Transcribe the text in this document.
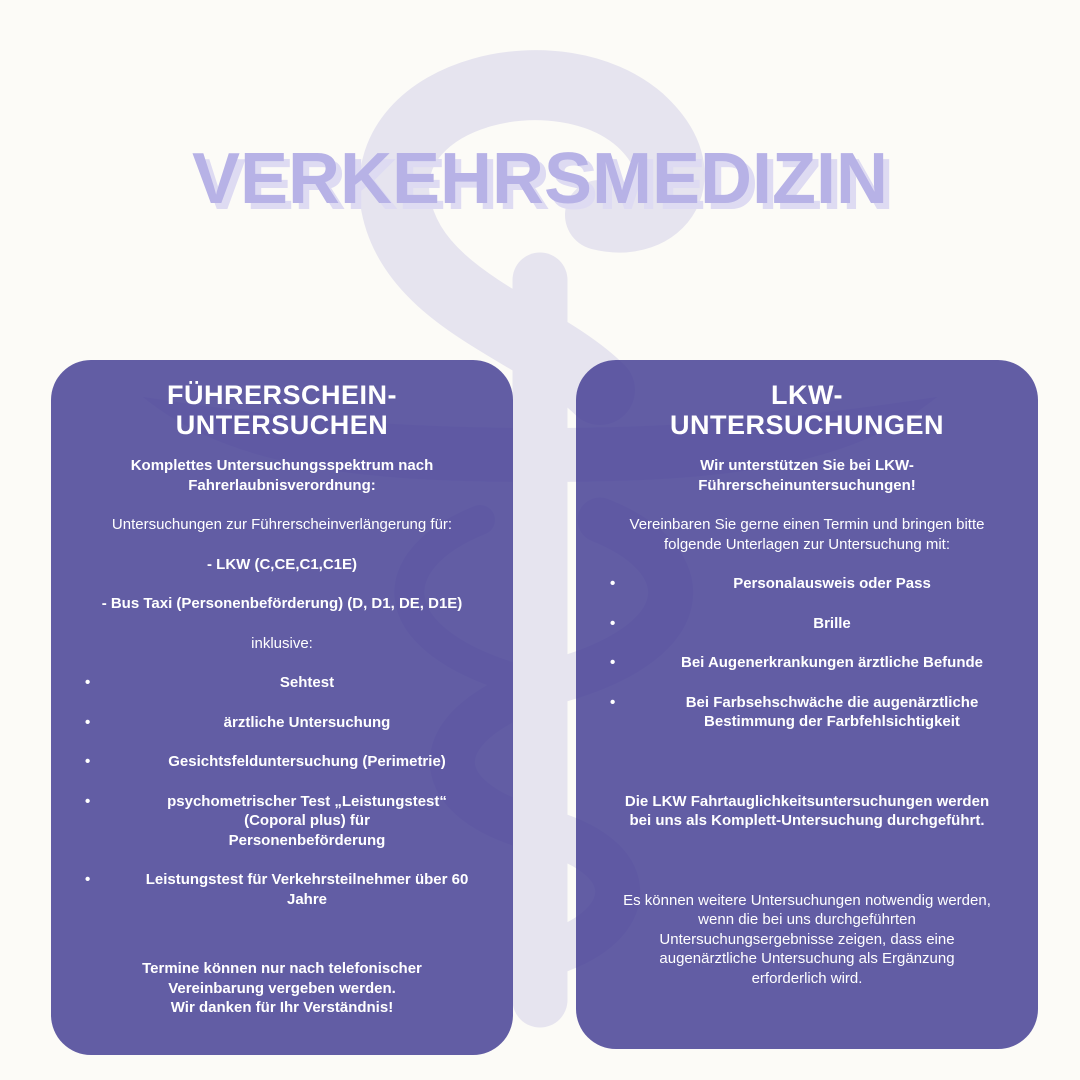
VERKEHRSMEDIZIN
FÜHRERSCHEIN-
UNTERSUCHEN

Komplettes Untersuchungsspektrum nach
Fahrerlaubnisverordnung:

Untersuchungen zur Führerscheinverlängerung für:

- LKW (C,CE,C1,C1E)

- Bus Taxi (Personenbeförderung) (D, D1, DE, D1E)

inklusive:

•	Sehtest
•	ärztliche Untersuchung
•	Gesichtsfelduntersuchung (Perimetrie)
•	psychometrischer Test „Leistungstest“
(Coporal plus) für
Personenbeförderung
•	Leistungstest für Verkehrsteilnehmer über 60
Jahre

Termine können nur nach telefonischer
Vereinbarung vergeben werden.
Wir danken für Ihr Verständnis!

LKW-
UNTERSUCHUNGEN

Wir unterstützen Sie bei LKW-
Führerscheinuntersuchungen!

Vereinbaren Sie gerne einen Termin und bringen bitte
folgende Unterlagen zur Untersuchung mit:

•	Personalausweis oder Pass
•	Brille
•	Bei Augenerkrankungen ärztliche Befunde
•	Bei Farbsehschwäche die augenärztliche
Bestimmung der Farbfehlsichtigkeit

Die LKW Fahrtauglichkeitsuntersuchungen werden
bei uns als Komplett-Untersuchung durchgeführt.

Es können weitere Untersuchungen notwendig werden,
wenn die bei uns durchgeführten
Untersuchungsergebnisse zeigen, dass eine
augenärztliche Untersuchung als Ergänzung
erforderlich wird.
